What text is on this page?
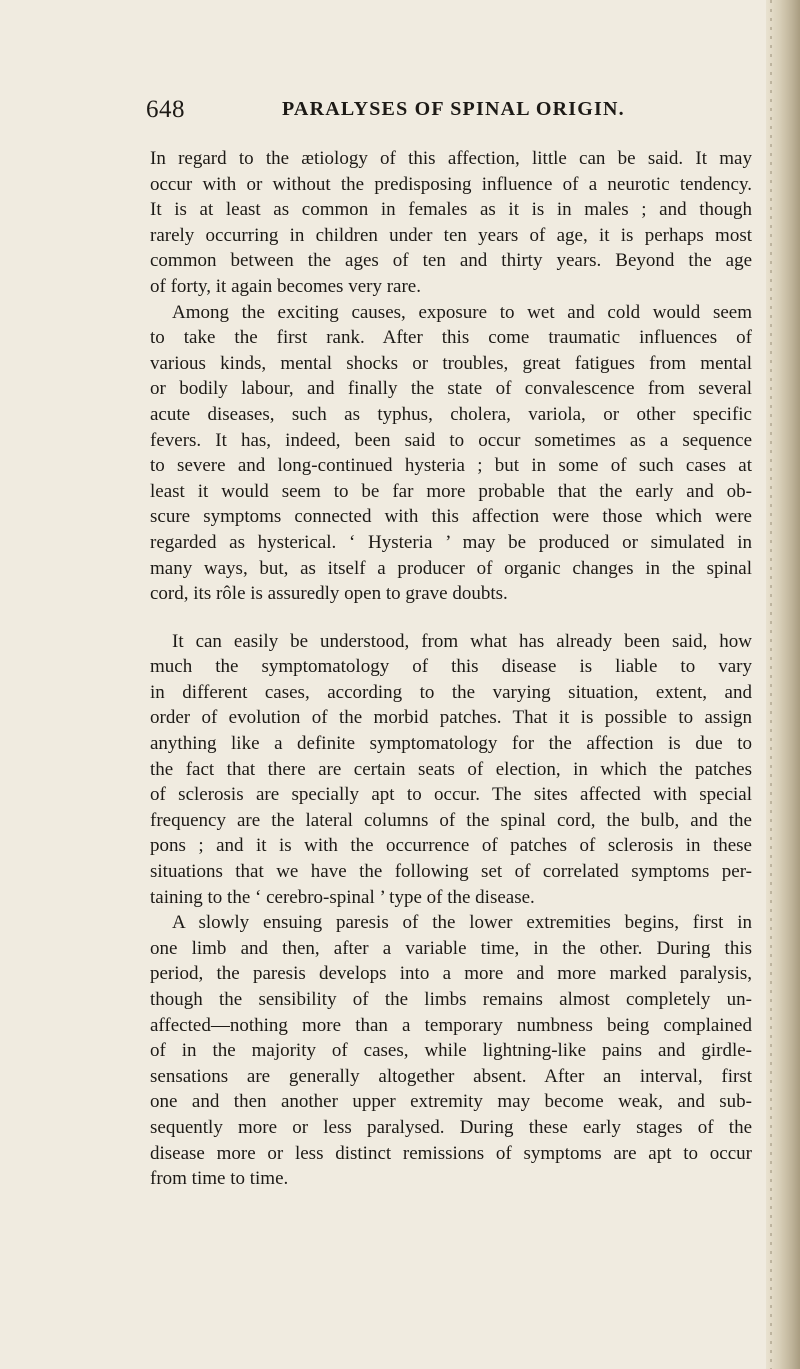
648	PARALYSES OF SPINAL ORIGIN.
In regard to the ætiology of this affection, little can be said. It may
occur with or without the predisposing influence of a neurotic tendency.
It is at least as common in females as it is in males ; and though
rarely occurring in children under ten years of age, it is perhaps most
common between the ages of ten and thirty years. Beyond the age
of forty, it again becomes very rare.
Among the exciting causes, exposure to wet and cold would seem
to take the first rank. After this come traumatic influences of
various kinds, mental shocks or troubles, great fatigues from mental
or bodily labour, and finally the state of convalescence from several
acute diseases, such as typhus, cholera, variola, or other specific
fevers. It has, indeed, been said to occur sometimes as a sequence
to severe and long-continued hysteria ; but in some of such cases at
least it would seem to be far more probable that the early and ob-
scure symptoms connected with this affection were those which were
regarded as hysterical. ‘ Hysteria ’ may be produced or simulated in
many ways, but, as itself a producer of organic changes in the spinal
cord, its rôle is assuredly open to grave doubts.
It can easily be understood, from what has already been said, how
much the symptomatology of this disease is liable to vary
in different cases, according to the varying situation, extent, and
order of evolution of the morbid patches. That it is possible to assign
anything like a definite symptomatology for the affection is due to
the fact that there are certain seats of election, in which the patches
of sclerosis are specially apt to occur. The sites affected with special
frequency are the lateral columns of the spinal cord, the bulb, and the
pons ; and it is with the occurrence of patches of sclerosis in these
situations that we have the following set of correlated symptoms per-
taining to the ‘ cerebro-spinal ’ type of the disease.
A slowly ensuing paresis of the lower extremities begins, first in
one limb and then, after a variable time, in the other. During this
period, the paresis develops into a more and more marked paralysis,
though the sensibility of the limbs remains almost completely un-
affected—nothing more than a temporary numbness being complained
of in the majority of cases, while lightning-like pains and girdle-
sensations are generally altogether absent. After an interval, first
one and then another upper extremity may become weak, and sub-
sequently more or less paralysed. During these early stages of the
disease more or less distinct remissions of symptoms are apt to occur
from time to time.
